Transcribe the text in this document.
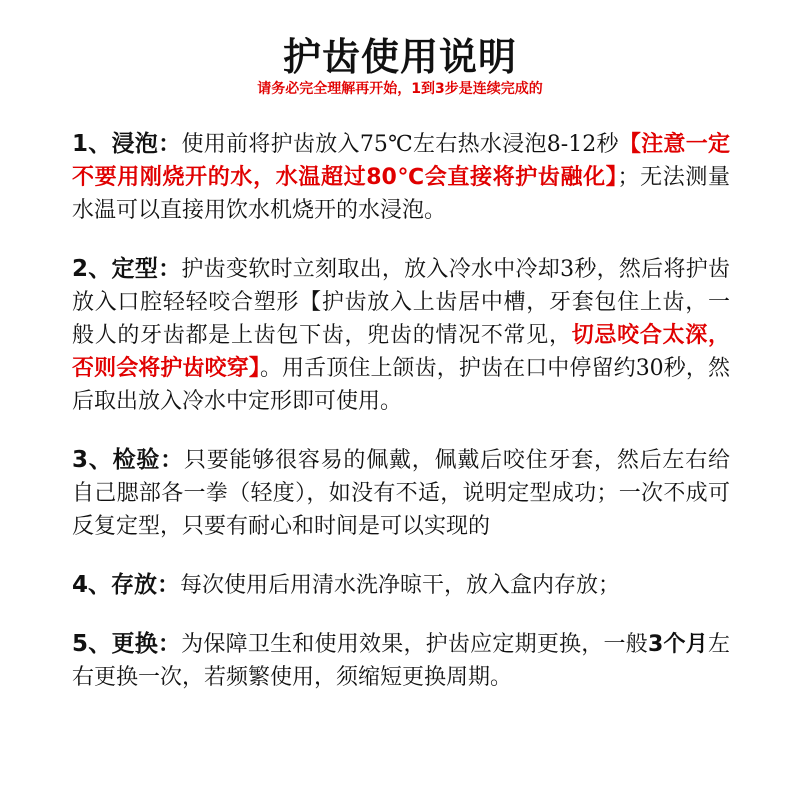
护齿使用说明
请务必完全理解再开始，1到3步是连续完成的

1、浸泡：使用前将护齿放入75℃左右热水浸泡8-12秒【注意一定不要用刚烧开的水，水温超过80℃会直接将护齿融化】；无法测量水温可以直接用饮水机烧开的水浸泡。

2、定型：护齿变软时立刻取出，放入冷水中冷却3秒，然后将护齿放入口腔轻轻咬合塑形【护齿放入上齿居中槽，牙套包住上齿，一般人的牙齿都是上齿包下齿，兜齿的情况不常见，切忌咬合太深，否则会将护齿咬穿】。用舌顶住上颌齿，护齿在口中停留约30秒，然后取出放入冷水中定形即可使用。

3、检验：只要能够很容易的佩戴，佩戴后咬住牙套，然后左右给自己腮部各一拳（轻度），如没有不适，说明定型成功；一次不成可反复定型，只要有耐心和时间是可以实现的

4、存放：每次使用后用清水洗净晾干，放入盒内存放；

5、更换：为保障卫生和使用效果，护齿应定期更换，一般3个月左右更换一次，若频繁使用，须缩短更换周期。
